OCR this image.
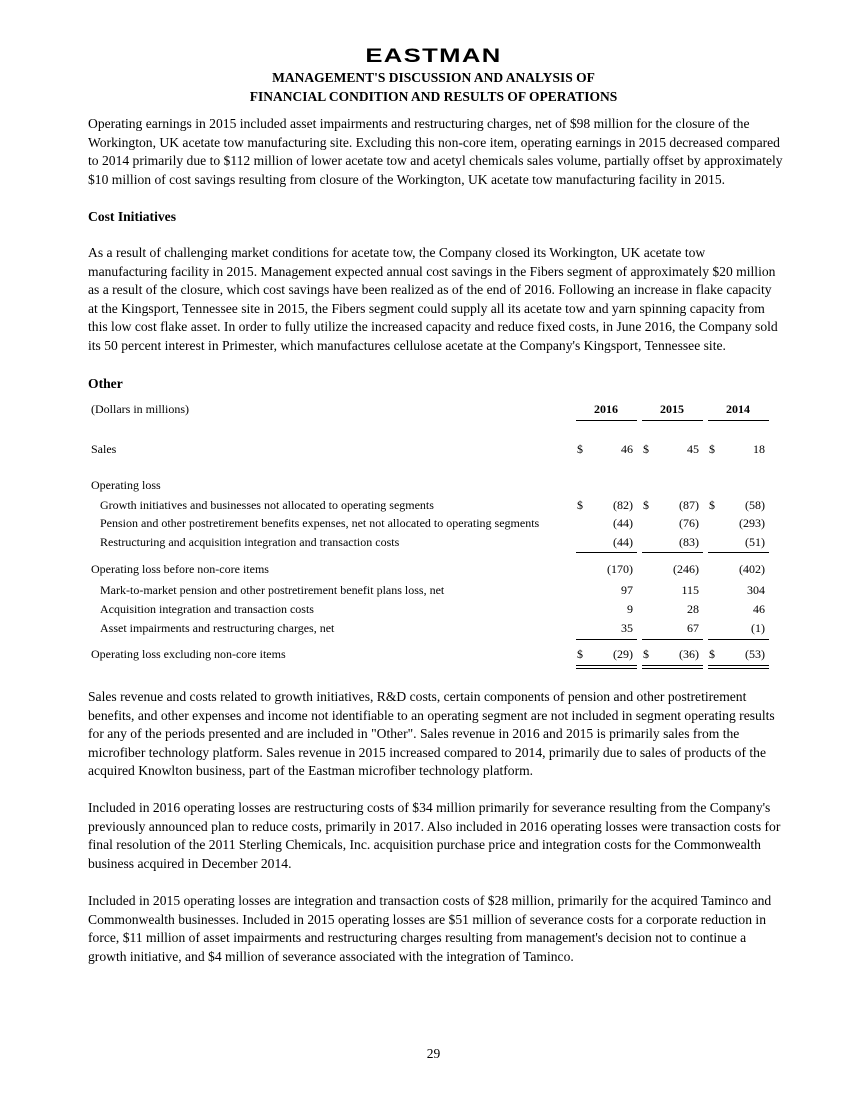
EASTMAN
MANAGEMENT'S DISCUSSION AND ANALYSIS OF
FINANCIAL CONDITION AND RESULTS OF OPERATIONS

Operating earnings in 2015 included asset impairments and restructuring charges, net of $98 million for the closure of the Workington, UK acetate tow manufacturing site. Excluding this non-core item, operating earnings in 2015 decreased compared to 2014 primarily due to $112 million of lower acetate tow and acetyl chemicals sales volume, partially offset by approximately $10 million of cost savings resulting from closure of the Workington, UK acetate tow manufacturing facility in 2015.

Cost Initiatives

As a result of challenging market conditions for acetate tow, the Company closed its Workington, UK acetate tow manufacturing facility in 2015. Management expected annual cost savings in the Fibers segment of approximately $20 million as a result of the closure, which cost savings have been realized as of the end of 2016. Following an increase in flake capacity at the Kingsport, Tennessee site in 2015, the Fibers segment could supply all its acetate tow and yarn spinning capacity from this low cost flake asset. In order to fully utilize the increased capacity and reduce fixed costs, in June 2016, the Company sold its 50 percent interest in Primester, which manufactures cellulose acetate at the Company's Kingsport, Tennessee site.

Other
(Dollars in millions)	2016	2015	2014
Sales	$	46 $	45 $	18
Operating loss
Growth initiatives and businesses not allocated to operating segments	$	(82) $	(87) $	(58)
Pension and other postretirement benefits expenses, net not allocated to operating segments	(44)	(76)	(293)
Restructuring and acquisition integration and transaction costs	(44)	(83)	(51)
Operating loss before non-core items	(170)	(246)	(402)
Mark-to-market pension and other postretirement benefit plans loss, net	97	115	304
Acquisition integration and transaction costs	9	28	46
Asset impairments and restructuring charges, net	35	67	(1)
Operating loss excluding non-core items	$	(29) $	(36) $	(53)

Sales revenue and costs related to growth initiatives, R&D costs, certain components of pension and other postretirement benefits, and other expenses and income not identifiable to an operating segment are not included in segment operating results for any of the periods presented and are included in "Other". Sales revenue in 2016 and 2015 is primarily sales from the microfiber technology platform. Sales revenue in 2015 increased compared to 2014, primarily due to sales of products of the acquired Knowlton business, part of the Eastman microfiber technology platform.

Included in 2016 operating losses are restructuring costs of $34 million primarily for severance resulting from the Company's previously announced plan to reduce costs, primarily in 2017. Also included in 2016 operating losses were transaction costs for final resolution of the 2011 Sterling Chemicals, Inc. acquisition purchase price and integration costs for the Commonwealth business acquired in December 2014.

Included in 2015 operating losses are integration and transaction costs of $28 million, primarily for the acquired Taminco and Commonwealth businesses. Included in 2015 operating losses are $51 million of severance costs for a corporate reduction in force, $11 million of asset impairments and restructuring charges resulting from management's decision not to continue a growth initiative, and $4 million of severance associated with the integration of Taminco.

29
